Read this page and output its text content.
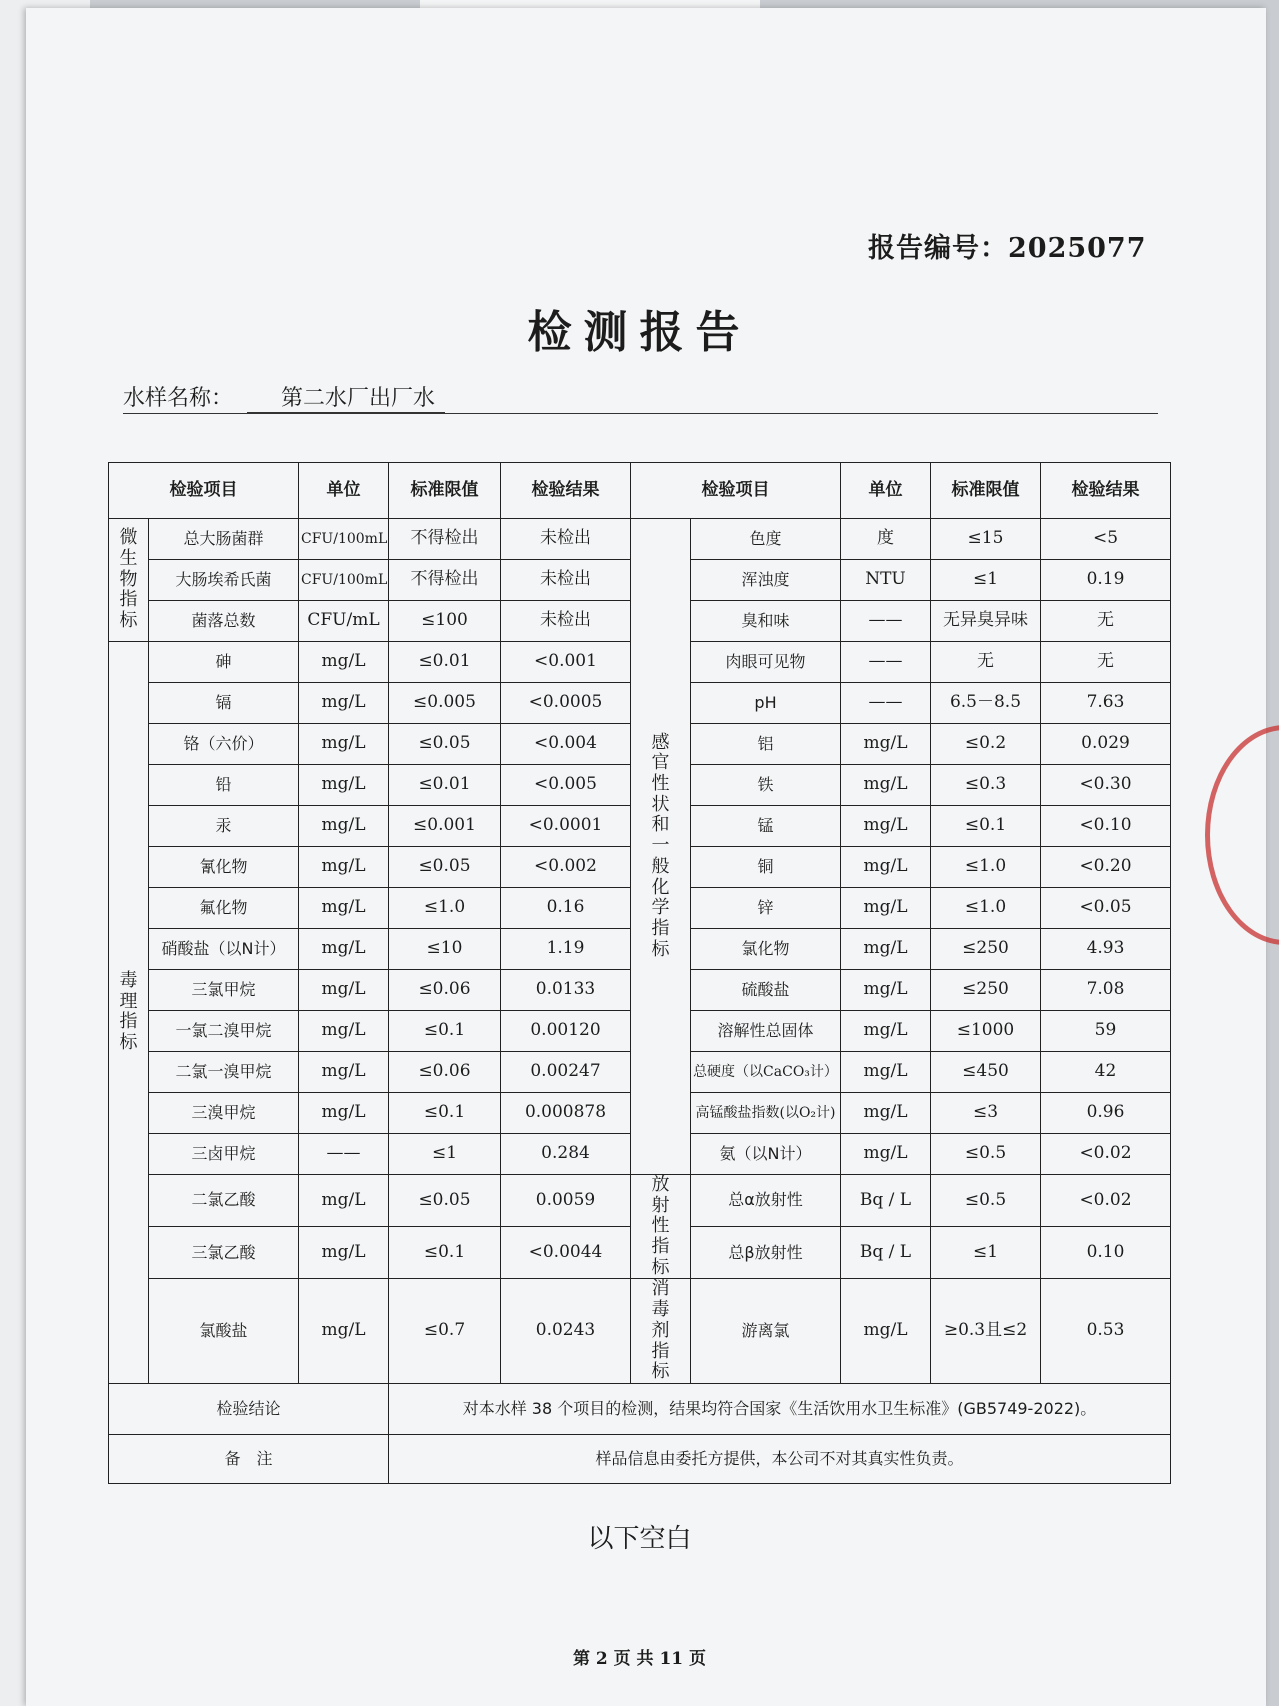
报告编号：2025077
检测报告
水样名称： 第二水厂出厂水
检验项目		单位	标准限值	检验结果	检验项目		单位	标准限值	检验结果
微生物指标	总大肠菌群	CFU/100mL	不得检出	未检出	感官性状和一般化学指标	色度	度	≤15	<5
	大肠埃希氏菌	CFU/100mL	不得检出	未检出		浑浊度	NTU	≤1	0.19
	菌落总数	CFU/mL	≤100	未检出		臭和味	——	无异臭异味	无
毒理指标	砷	mg/L	≤0.01	<0.001		肉眼可见物	——	无	无
	镉	mg/L	≤0.005	<0.0005		pH	——	6.5－8.5	7.63
	铬（六价）	mg/L	≤0.05	<0.004		铝	mg/L	≤0.2	0.029
	铅	mg/L	≤0.01	<0.005		铁	mg/L	≤0.3	<0.30
	汞	mg/L	≤0.001	<0.0001		锰	mg/L	≤0.1	<0.10
	氰化物	mg/L	≤0.05	<0.002		铜	mg/L	≤1.0	<0.20
	氟化物	mg/L	≤1.0	0.16		锌	mg/L	≤1.0	<0.05
	硝酸盐（以N计）	mg/L	≤10	1.19		氯化物	mg/L	≤250	4.93
	三氯甲烷	mg/L	≤0.06	0.0133		硫酸盐	mg/L	≤250	7.08
	一氯二溴甲烷	mg/L	≤0.1	0.00120		溶解性总固体	mg/L	≤1000	59
	二氯一溴甲烷	mg/L	≤0.06	0.00247		总硬度（以CaCO₃计）	mg/L	≤450	42
	三溴甲烷	mg/L	≤0.1	0.000878		高锰酸盐指数(以O₂计)	mg/L	≤3	0.96
	三卤甲烷	——	≤1	0.284		氨（以N计）	mg/L	≤0.5	<0.02
	二氯乙酸	mg/L	≤0.05	0.0059	放射性指标	总α放射性	Bq / L	≤0.5	<0.02
	三氯乙酸	mg/L	≤0.1	<0.0044		总β放射性	Bq / L	≤1	0.10
	氯酸盐	mg/L	≤0.7	0.0243	消毒剂指标	游离氯	mg/L	≥0.3且≤2	0.53
检验结论			对本水样 38 个项目的检测，结果均符合国家《生活饮用水卫生标准》(GB5749-2022)。						
备　注			样品信息由委托方提供，本公司不对其真实性负责。						
以下空白
第 2 页 共 11 页
